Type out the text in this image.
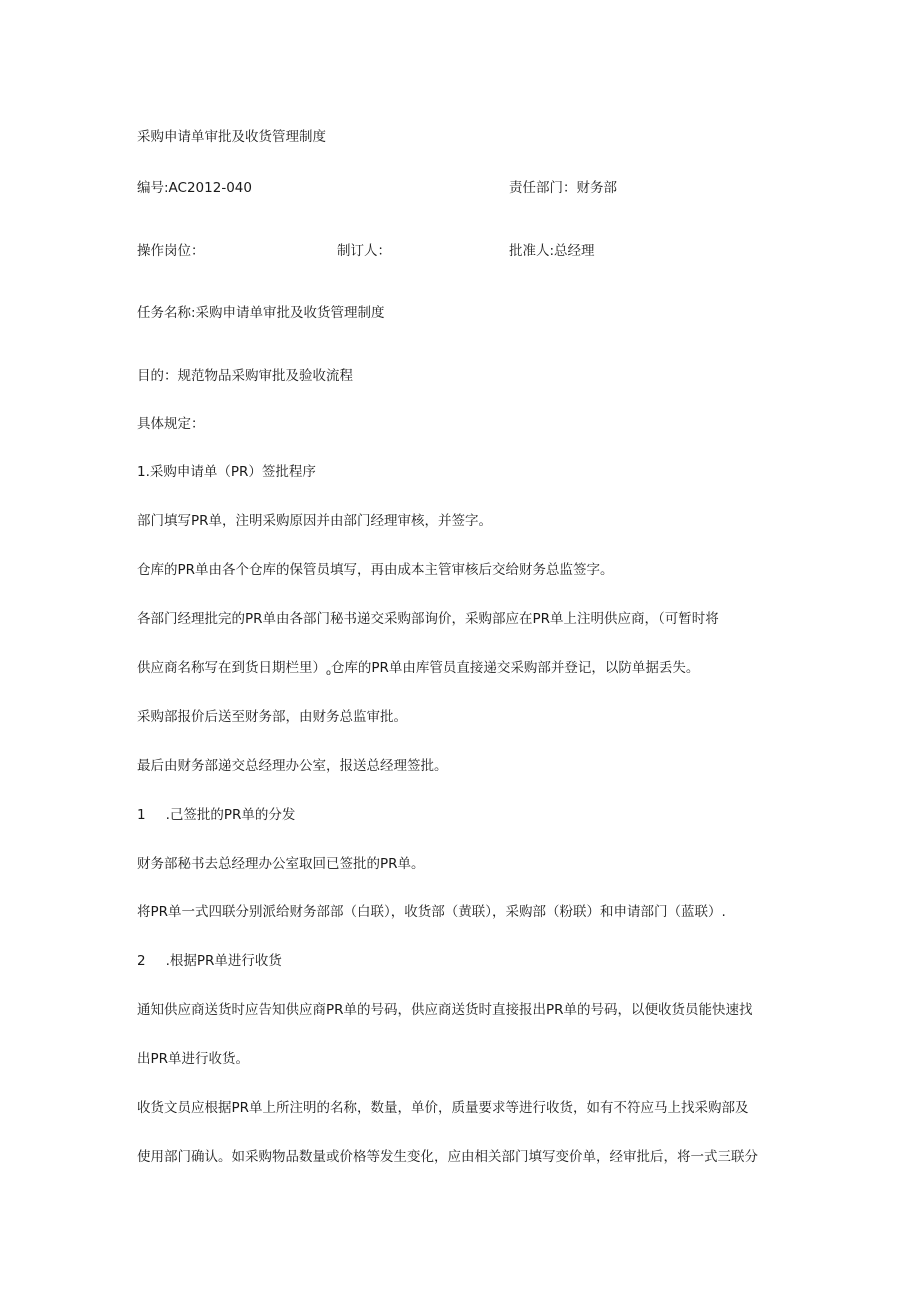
采购申请单审批及收货管理制度
编号:AC2012-040	责任部门：财务部
操作岗位：	制订人：	批准人:总经理
任务名称:采购申请单审批及收货管理制度
目的：规范物品采购审批及验收流程
具体规定：
1.采购申请单（PR）签批程序
部门填写PR单，注明采购原因并由部门经理审核，并签字。
仓库的PR单由各个仓库的保管员填写，再由成本主管审核后交给财务总监签字。
各部门经理批完的PR单由各部门秘书递交采购部询价，采购部应在PR单上注明供应商，（可暂时将
供应商名称写在到货日期栏里）$_o$仓库的PR单由库管员直接递交采购部并登记，以防单据丢失。
采购部报价后送至财务部，由财务总监审批。
最后由财务部递交总经理办公室，报送总经理签批。
1 .己签批的PR单的分发
财务部秘书去总经理办公室取回已签批的PR单。
将PR单一式四联分别派给财务部部（白联），收货部（黄联），采购部（粉联）和申请部门（蓝联）.
2 .根据PR单进行收货
通知供应商送货时应告知供应商PR单的号码，供应商送货时直接报出PR单的号码，以便收货员能快速找
出PR单进行收货。
收货文员应根据PR单上所注明的名称，数量，单价，质量要求等进行收货，如有不符应马上找采购部及
使用部门确认。如采购物品数量或价格等发生变化，应由相关部门填写变价单，经审批后，将一式三联分
